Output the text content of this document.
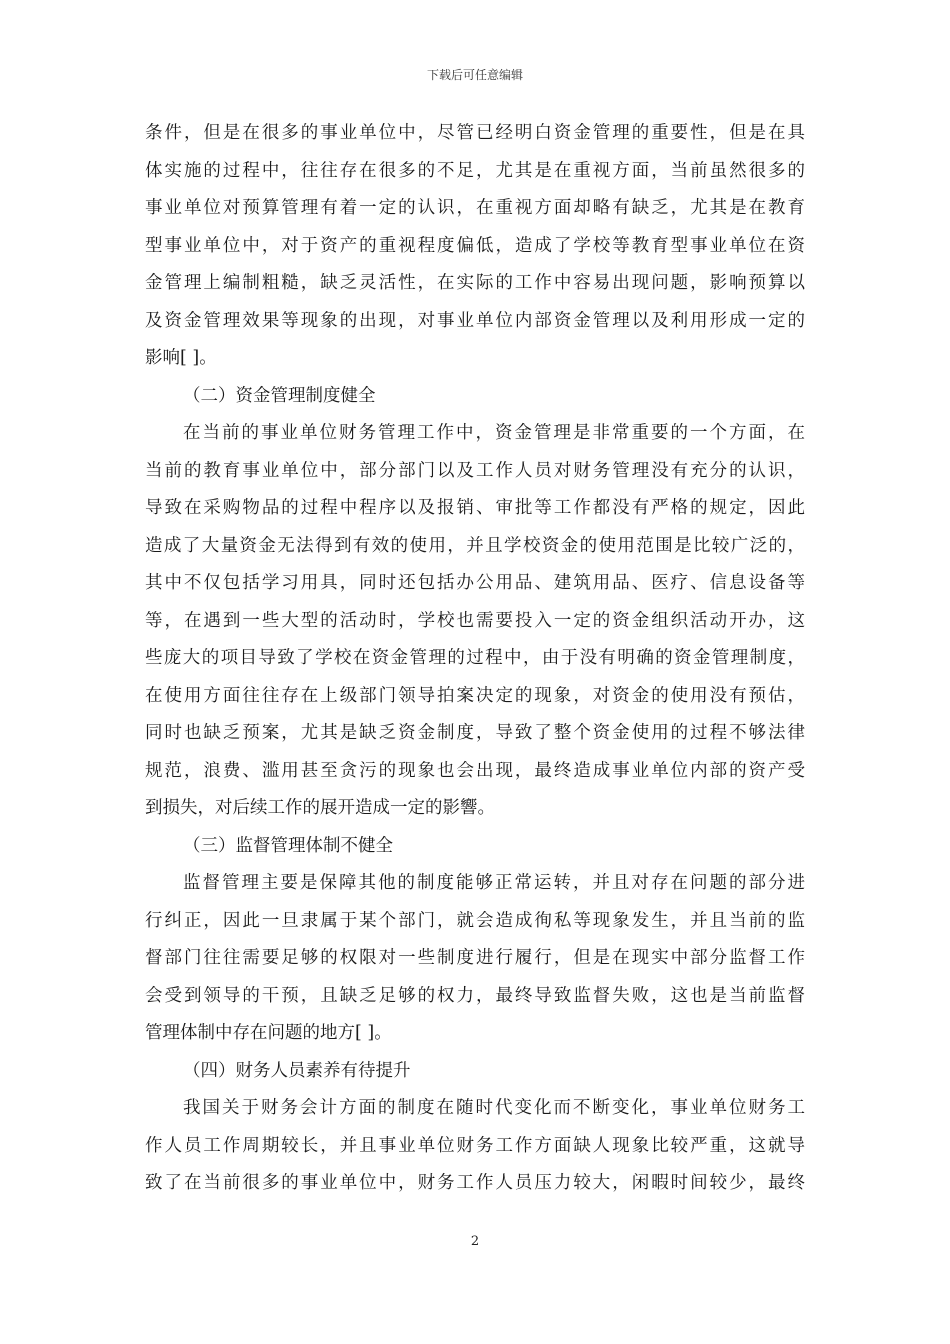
下载后可任意编辑
条件，但是在很多的事业单位中，尽管已经明白资金管理的重要性，但是在具
体实施的过程中，往往存在很多的不足，尤其是在重视方面，当前虽然很多的
事业单位对预算管理有着一定的认识，在重视方面却略有缺乏，尤其是在教育
型事业单位中，对于资产的重视程度偏低，造成了学校等教育型事业单位在资
金管理上编制粗糙，缺乏灵活性，在实际的工作中容易出现问题，影响预算以
及资金管理效果等现象的出现，对事业单位内部资金管理以及利用形成一定的
影响[ ]。
（二）资金管理制度健全
在当前的事业单位财务管理工作中，资金管理是非常重要的一个方面，在
当前的教育事业单位中，部分部门以及工作人员对财务管理没有充分的认识，
导致在采购物品的过程中程序以及报销、审批等工作都没有严格的规定，因此
造成了大量资金无法得到有效的使用，并且学校资金的使用范围是比较广泛的，
其中不仅包括学习用具，同时还包括办公用品、建筑用品、医疗、信息设备等
等，在遇到一些大型的活动时，学校也需要投入一定的资金组织活动开办，这
些庞大的项目导致了学校在资金管理的过程中，由于没有明确的资金管理制度，
在使用方面往往存在上级部门领导拍案决定的现象，对资金的使用没有预估，
同时也缺乏预案，尤其是缺乏资金制度，导致了整个资金使用的过程不够法律
规范，浪费、滥用甚至贪污的现象也会出现，最终造成事业单位内部的资产受
到损失，对后续工作的展开造成一定的影響。
（三）监督管理体制不健全
监督管理主要是保障其他的制度能够正常运转，并且对存在问题的部分进
行纠正，因此一旦隶属于某个部门，就会造成徇私等现象发生，并且当前的监
督部门往往需要足够的权限对一些制度进行履行，但是在现实中部分监督工作
会受到领导的干预，且缺乏足够的权力，最终导致监督失败，这也是当前监督
管理体制中存在问题的地方[ ]。
（四）财务人员素养有待提升
我国关于财务会计方面的制度在随时代变化而不断变化，事业单位财务工
作人员工作周期较长，并且事业单位财务工作方面缺人现象比较严重，这就导
致了在当前很多的事业单位中，财务工作人员压力较大，闲暇时间较少，最终
2
